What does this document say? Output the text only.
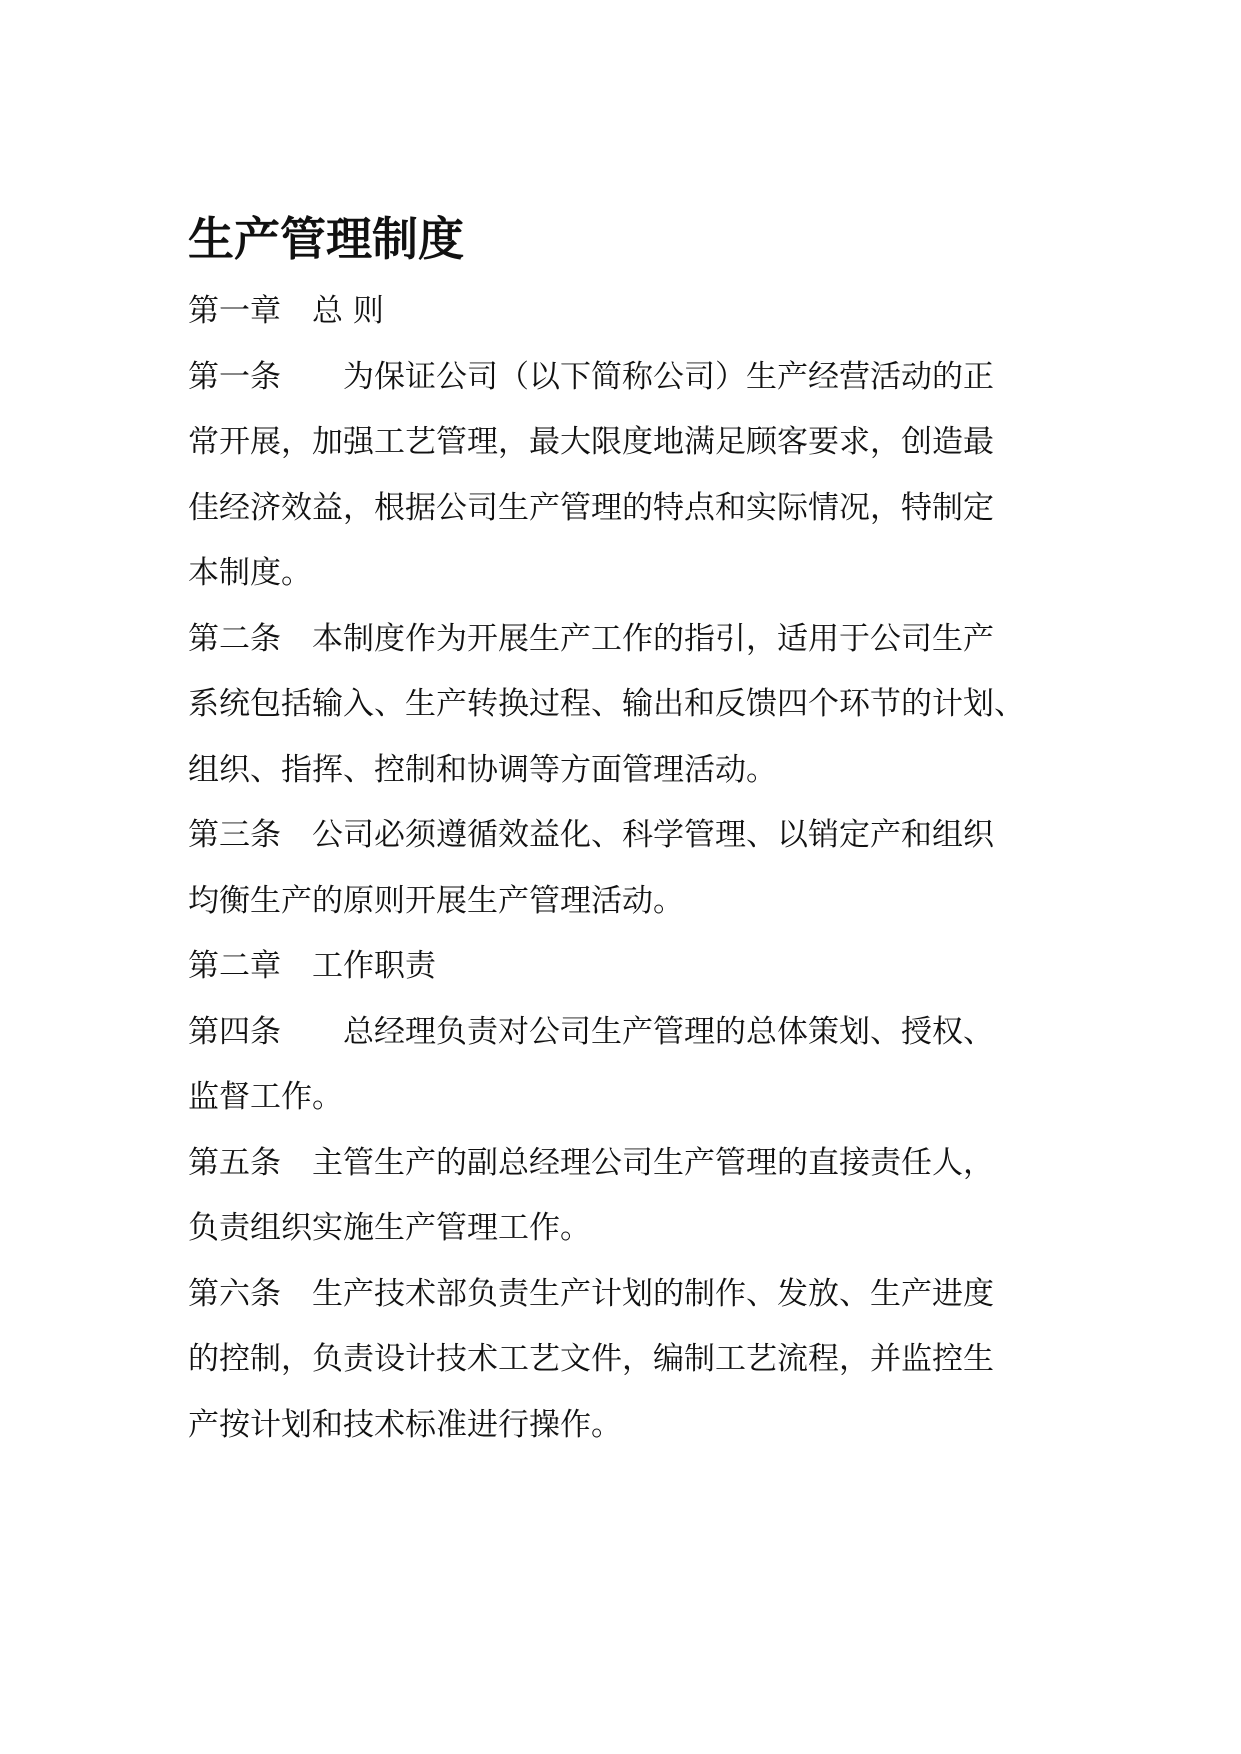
生产管理制度
第一章　总 则
第一条　　为保证公司（以下简称公司）生产经营活动的正
常开展，加强工艺管理，最大限度地满足顾客要求，创造最
佳经济效益，根据公司生产管理的特点和实际情况，特制定
本制度。
第二条　本制度作为开展生产工作的指引，适用于公司生产
系统包括输入、生产转换过程、输出和反馈四个环节的计划、
组织、指挥、控制和协调等方面管理活动。
第三条　公司必须遵循效益化、科学管理、以销定产和组织
均衡生产的原则开展生产管理活动。
第二章　工作职责
第四条　　总经理负责对公司生产管理的总体策划、授权、
监督工作。
第五条　主管生产的副总经理公司生产管理的直接责任人，
负责组织实施生产管理工作。
第六条　生产技术部负责生产计划的制作、发放、生产进度
的控制，负责设计技术工艺文件，编制工艺流程，并监控生
产按计划和技术标准进行操作。
